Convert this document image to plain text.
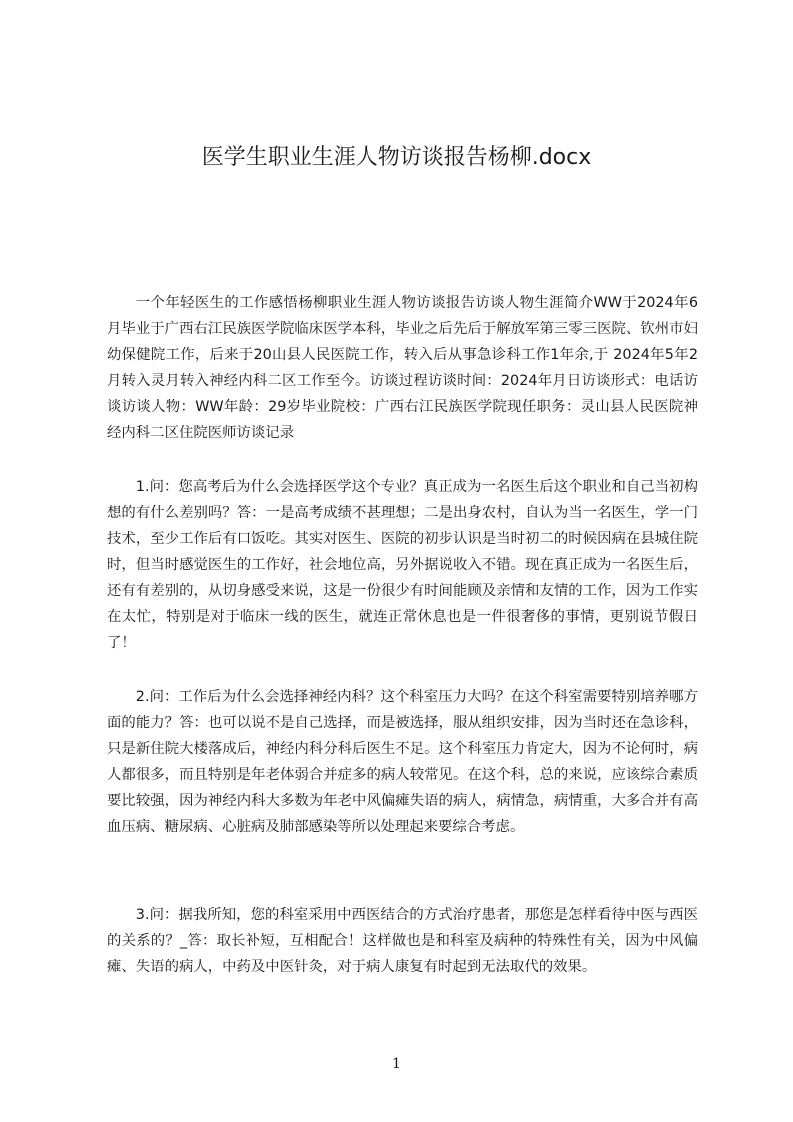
医学生职业生涯人物访谈报告杨柳.docx

一个年轻医生的工作感悟杨柳职业生涯人物访谈报告访谈人物生涯简介WW于2024年6月毕业于广西右江民族医学院临床医学本科，毕业之后先后于解放军第三零三医院、钦州市妇幼保健院工作，后来于20山县人民医院工作，转入后从事急诊科工作1年余,于 2024年5年2月转入灵月转入神经内科二区工作至今。访谈过程访谈时间：2024年月日访谈形式：电话访谈访谈人物：WW年龄：29岁毕业院校：广西右江民族医学院现任职务：灵山县人民医院神经内科二区住院医师访谈记录

1.问：您高考后为什么会选择医学这个专业？真正成为一名医生后这个职业和自己当初构想的有什么差别吗？答：一是高考成绩不甚理想；二是出身农村，自认为当一名医生，学一门技术，至少工作后有口饭吃。其实对医生、医院的初步认识是当时初二的时候因病在县城住院时，但当时感觉医生的工作好，社会地位高，另外据说收入不错。现在真正成为一名医生后，还有有差别的，从切身感受来说，这是一份很少有时间能顾及亲情和友情的工作，因为工作实在太忙，特别是对于临床一线的医生，就连正常休息也是一件很奢侈的事情，更别说节假日了！

2.问：工作后为什么会选择神经内科？这个科室压力大吗？在这个科室需要特别培养哪方面的能力？答：也可以说不是自己选择，而是被选择，服从组织安排，因为当时还在急诊科，只是新住院大楼落成后，神经内科分科后医生不足。这个科室压力肯定大，因为不论何时，病人都很多，而且特别是年老体弱合并症多的病人较常见。在这个科，总的来说，应该综合素质要比较强，因为神经内科大多数为年老中风偏瘫失语的病人，病情急，病情重，大多合并有高血压病、糖尿病、心脏病及肺部感染等所以处理起来要综合考虑。

3.问：据我所知，您的科室采用中西医结合的方式治疗患者，那您是怎样看待中医与西医的关系的？_答：取长补短，互相配合！这样做也是和科室及病种的特殊性有关，因为中风偏瘫、失语的病人，中药及中医针灸，对于病人康复有时起到无法取代的效果。

1
